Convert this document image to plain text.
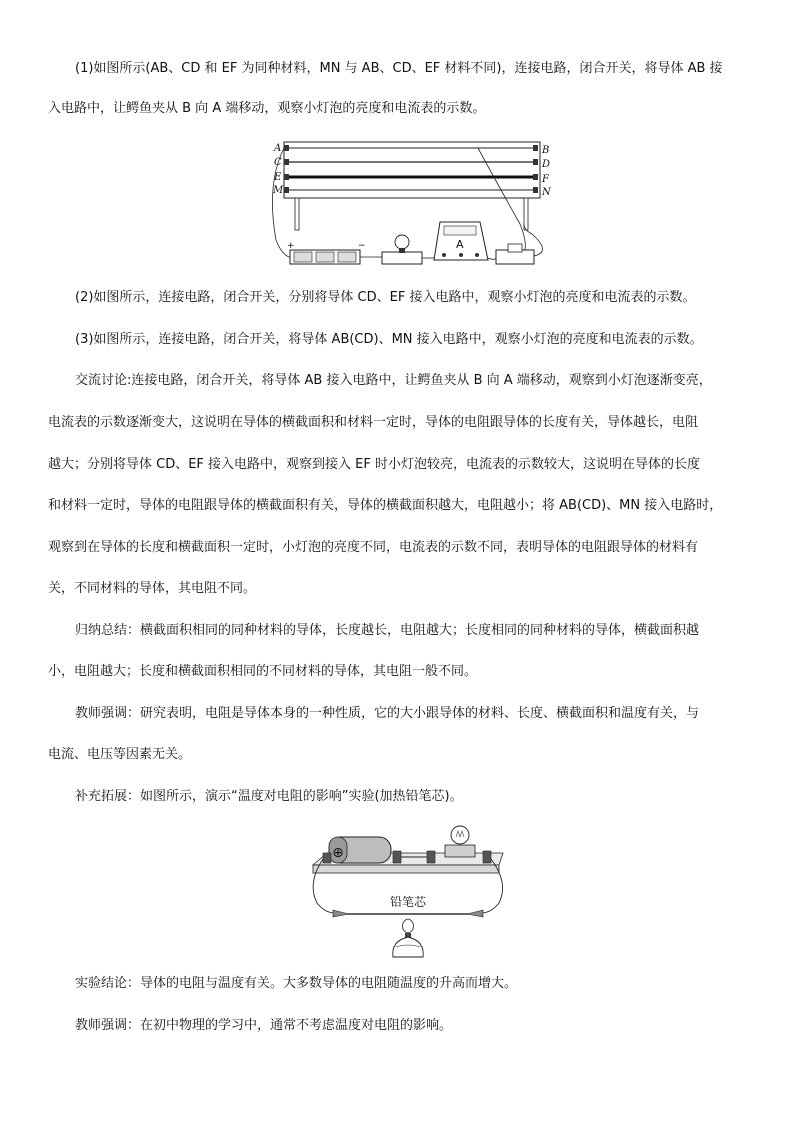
(1)如图所示(AB、CD 和 EF 为同种材料，MN 与 AB、CD、EF 材料不同)，连接电路，闭合开关，将导体 AB 接
入电路中，让鳄鱼夹从 B 向 A 端移动，观察小灯泡的亮度和电流表的示数。
A
C
E
M
B
D
F
N
+	−	A
(2)如图所示，连接电路，闭合开关，分别将导体 CD、EF 接入电路中，观察小灯泡的亮度和电流表的示数。
(3)如图所示，连接电路，闭合开关，将导体 AB(CD)、MN 接入电路中，观察小灯泡的亮度和电流表的示数。
交流讨论:连接电路，闭合开关，将导体 AB 接入电路中，让鳄鱼夹从 B 向 A 端移动，观察到小灯泡逐渐变亮，
电流表的示数逐渐变大，这说明在导体的横截面积和材料一定时，导体的电阻跟导体的长度有关，导体越长，电阻
越大；分别将导体 CD、EF 接入电路中，观察到接入 EF 时小灯泡较亮，电流表的示数较大，这说明在导体的长度
和材料一定时，导体的电阻跟导体的横截面积有关，导体的横截面积越大，电阻越小；将 AB(CD)、MN 接入电路时，
观察到在导体的长度和横截面积一定时，小灯泡的亮度不同，电流表的示数不同，表明导体的电阻跟导体的材料有
关，不同材料的导体，其电阻不同。
归纳总结：横截面积相同的同种材料的导体，长度越长，电阻越大；长度相同的同种材料的导体，横截面积越
小，电阻越大；长度和横截面积相同的不同材料的导体，其电阻一般不同。
教师强调：研究表明，电阻是导体本身的一种性质，它的大小跟导体的材料、长度、横截面积和温度有关，与
电流、电压等因素无关。
补充拓展：如图所示，演示“温度对电阻的影响”实验(加热铅笔芯)。
⊕
铅笔芯
实验结论：导体的电阻与温度有关。大多数导体的电阻随温度的升高而增大。
教师强调：在初中物理的学习中，通常不考虑温度对电阻的影响。
